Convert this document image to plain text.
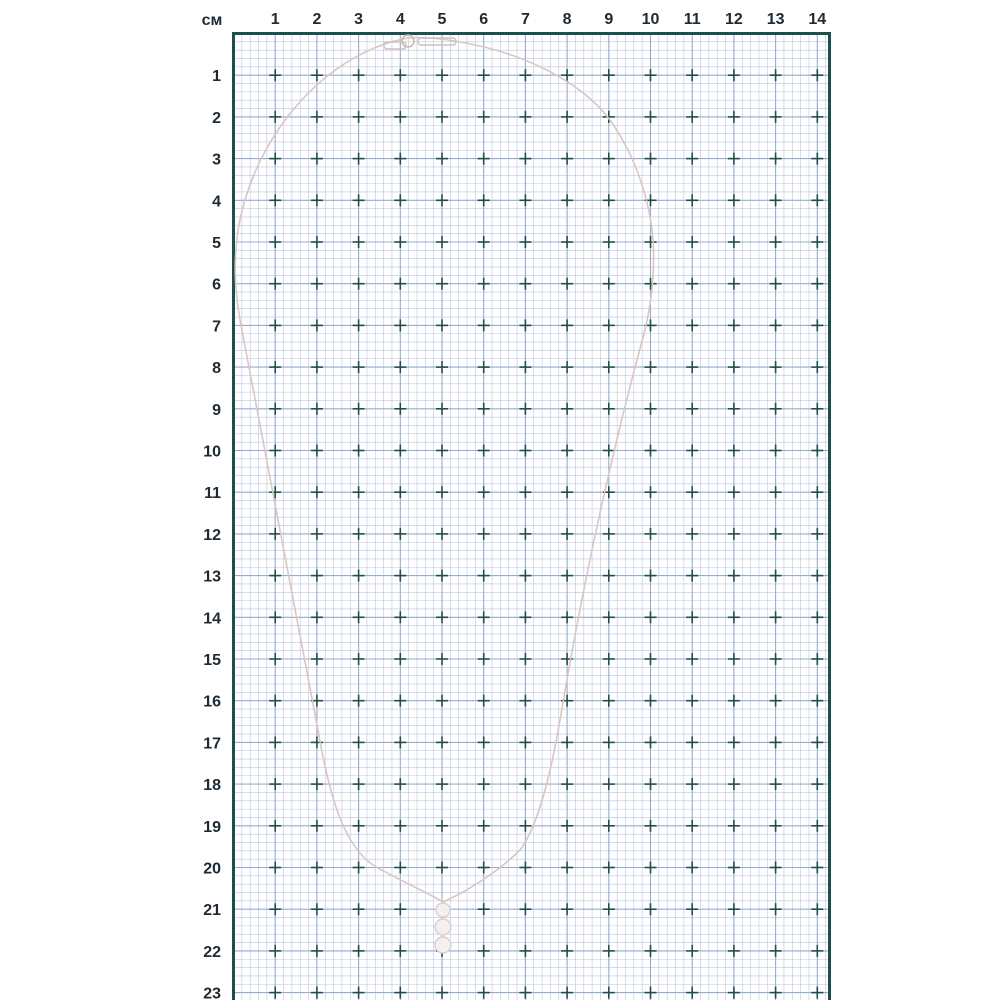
см	1 2 3 4 5 6 7 8 9 10 11 12 13 14
1
2
3
4
5
6
7
8
9
10
11
12
13
14
15
16
17
18
19
20
21
22
23
